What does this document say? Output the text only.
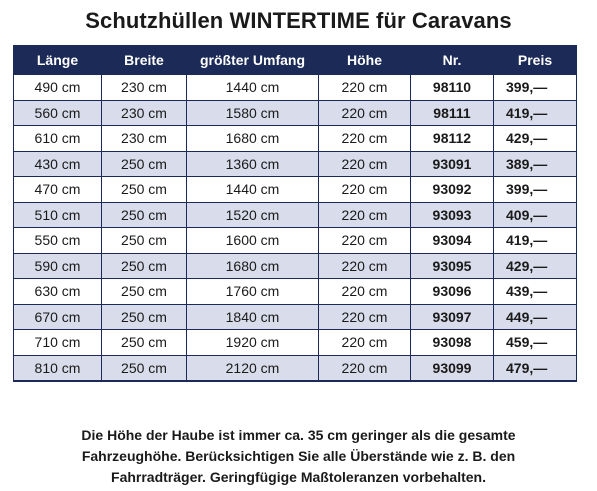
Schutzhüllen WINTERTIME für Caravans
Länge	Breite	größter Umfang	Höhe	Nr.	Preis
490 cm	230 cm	1440 cm	220 cm	98110	399,—
560 cm	230 cm	1580 cm	220 cm	98111	419,—
610 cm	230 cm	1680 cm	220 cm	98112	429,—
430 cm	250 cm	1360 cm	220 cm	93091	389,—
470 cm	250 cm	1440 cm	220 cm	93092	399,—
510 cm	250 cm	1520 cm	220 cm	93093	409,—
550 cm	250 cm	1600 cm	220 cm	93094	419,—
590 cm	250 cm	1680 cm	220 cm	93095	429,—
630 cm	250 cm	1760 cm	220 cm	93096	439,—
670 cm	250 cm	1840 cm	220 cm	93097	449,—
710 cm	250 cm	1920 cm	220 cm	93098	459,—
810 cm	250 cm	2120 cm	220 cm	93099	479,—
Die Höhe der Haube ist immer ca. 35 cm geringer als die gesamte
Fahrzeughöhe. Berücksichtigen Sie alle Überstände wie z. B. den
Fahrradträger. Geringfügige Maßtoleranzen vorbehalten.
